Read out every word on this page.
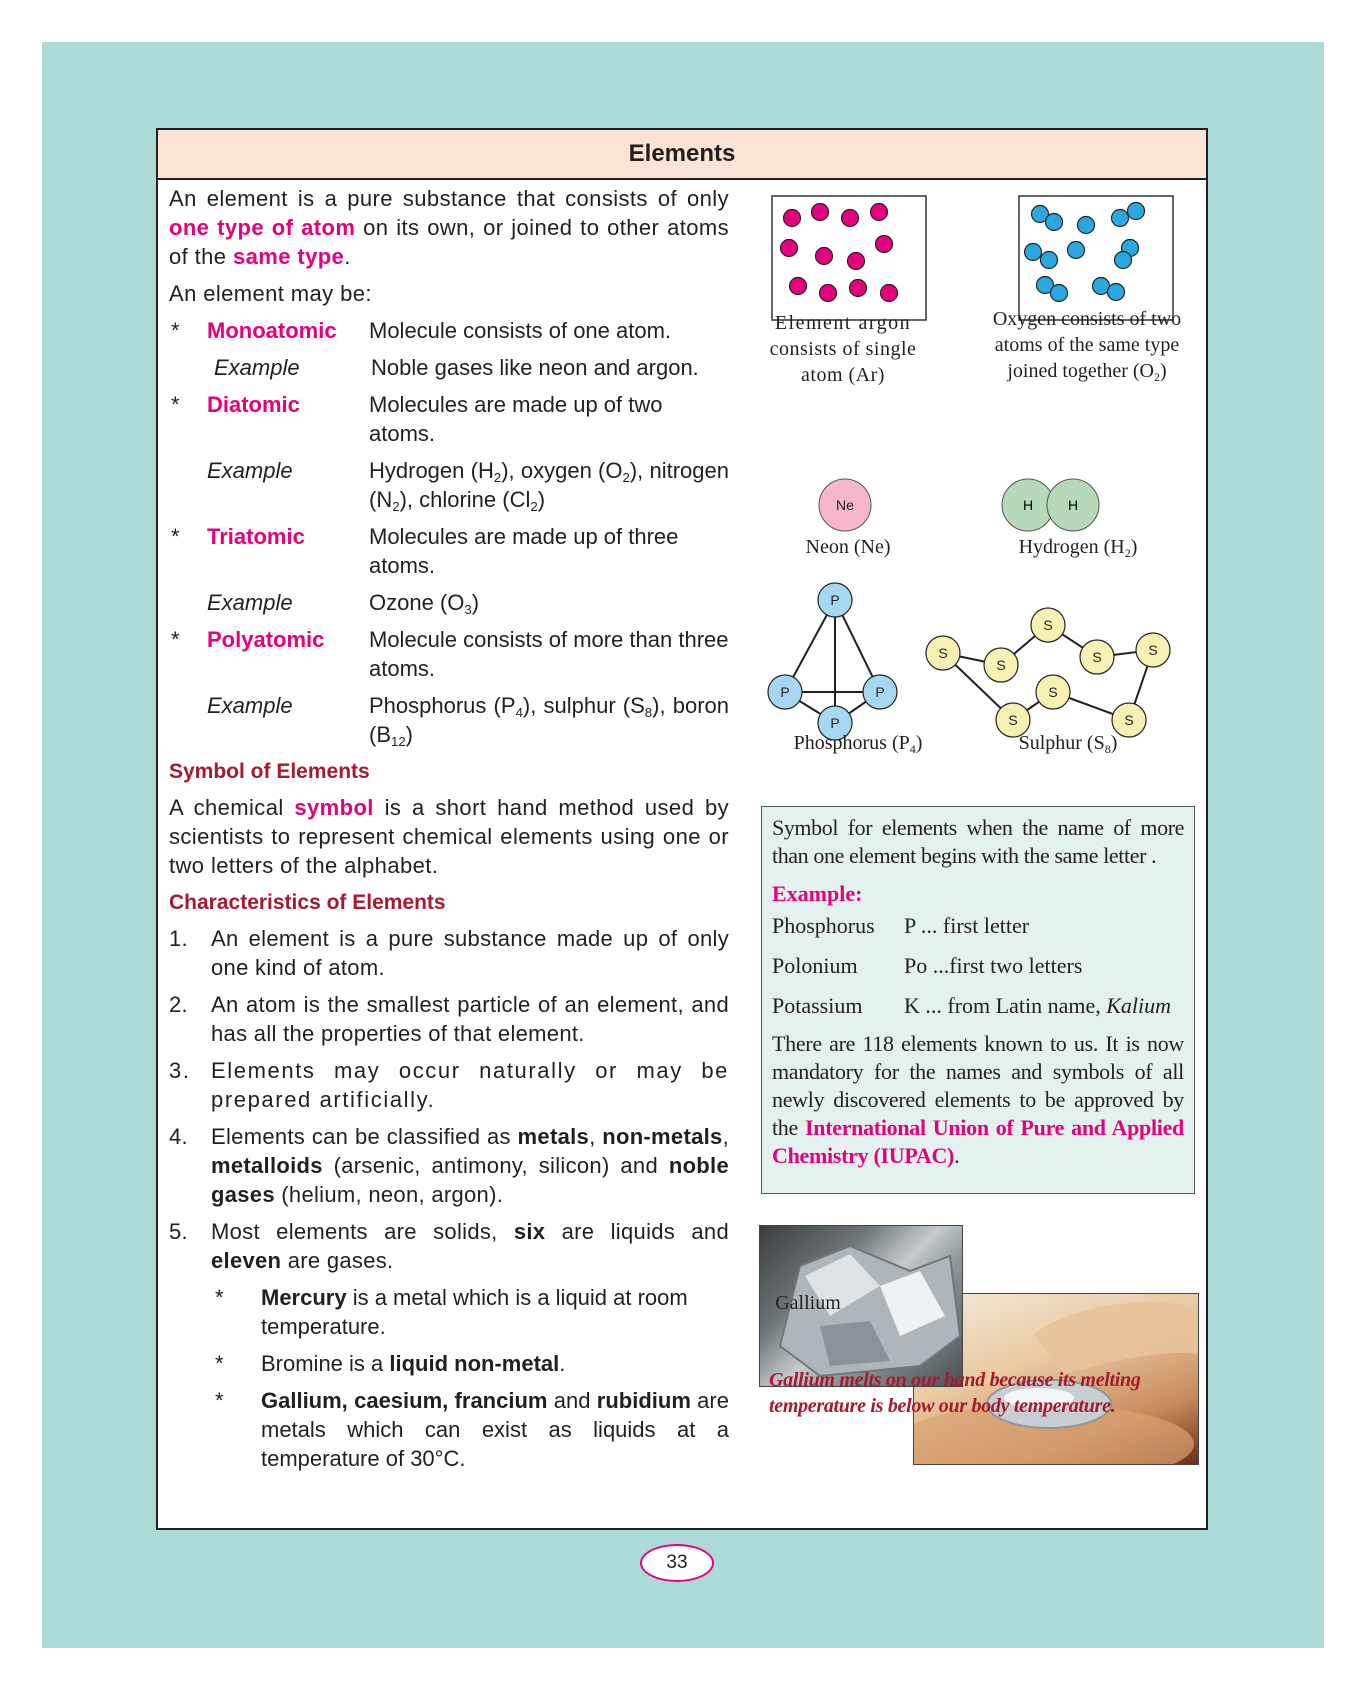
Elements

An element is a pure substance that consists of only one type of atom on its own, or joined to other atoms of the same type.

An element may be:

* Monoatomic Molecule consists of one atom.
Example	Noble gases like neon and argon.
* Diatomic	Molecules are made up of two atoms.
Example	Hydrogen $(H_2)$, oxygen $(O_2)$, nitrogen $(N_2)$, chlorine $(Cl_2)$
* Triatomic	Molecules are made up of three atoms.
Example	Ozone $(O_3)$
* Polyatomic Molecule consists of more than three atoms.
Example	Phosphorus $(P_4)$, sulphur $(S_8)$, boron $(B_{12})$

Symbol of Elements

A chemical symbol is a short hand method used by scientists to represent chemical elements using one or two letters of the alphabet.

Characteristics of Elements

1. An element is a pure substance made up of only one kind of atom.
2. An atom is the smallest particle of an element, and has all the properties of that element.
3. Elements may occur naturally or may be prepared artificially.
4. Elements can be classified as metals, non-metals, metalloids (arsenic, antimony, silicon) and noble gases (helium, neon, argon).
5. Most elements are solids, six are liquids and eleven are gases.
* Mercury is a metal which is a liquid at room temperature.
* Bromine is a liquid non-metal.
* Gallium, caesium, francium and rubidium are metals which can exist as liquids at a temperature of 30°C.
Ne	H H
P
P	P
P
S
S
S
S	S
S
S
S
Element argon
consists of single
atom (Ar)
Oxygen consists of two
atoms of the same type
joined together $(O_2)$
Neon (Ne)	Hydrogen $(H_2)$
Phosphorus $(P_4)$	Sulphur $(S_8)$

Symbol for elements when the name of more than one element begins with the same letter .

Example:

Phosphorus P ... first letter
Polonium Po ...first two letters
Potassium K ... from Latin name, Kalium

There are 118 elements known to us. It is now mandatory for the names and symbols of all newly discovered elements to be approved by the International Union of Pure and Applied Chemistry (IUPAC).

Gallium
Gallium melts on our hand because its melting temperature is below our body temperature.
33
